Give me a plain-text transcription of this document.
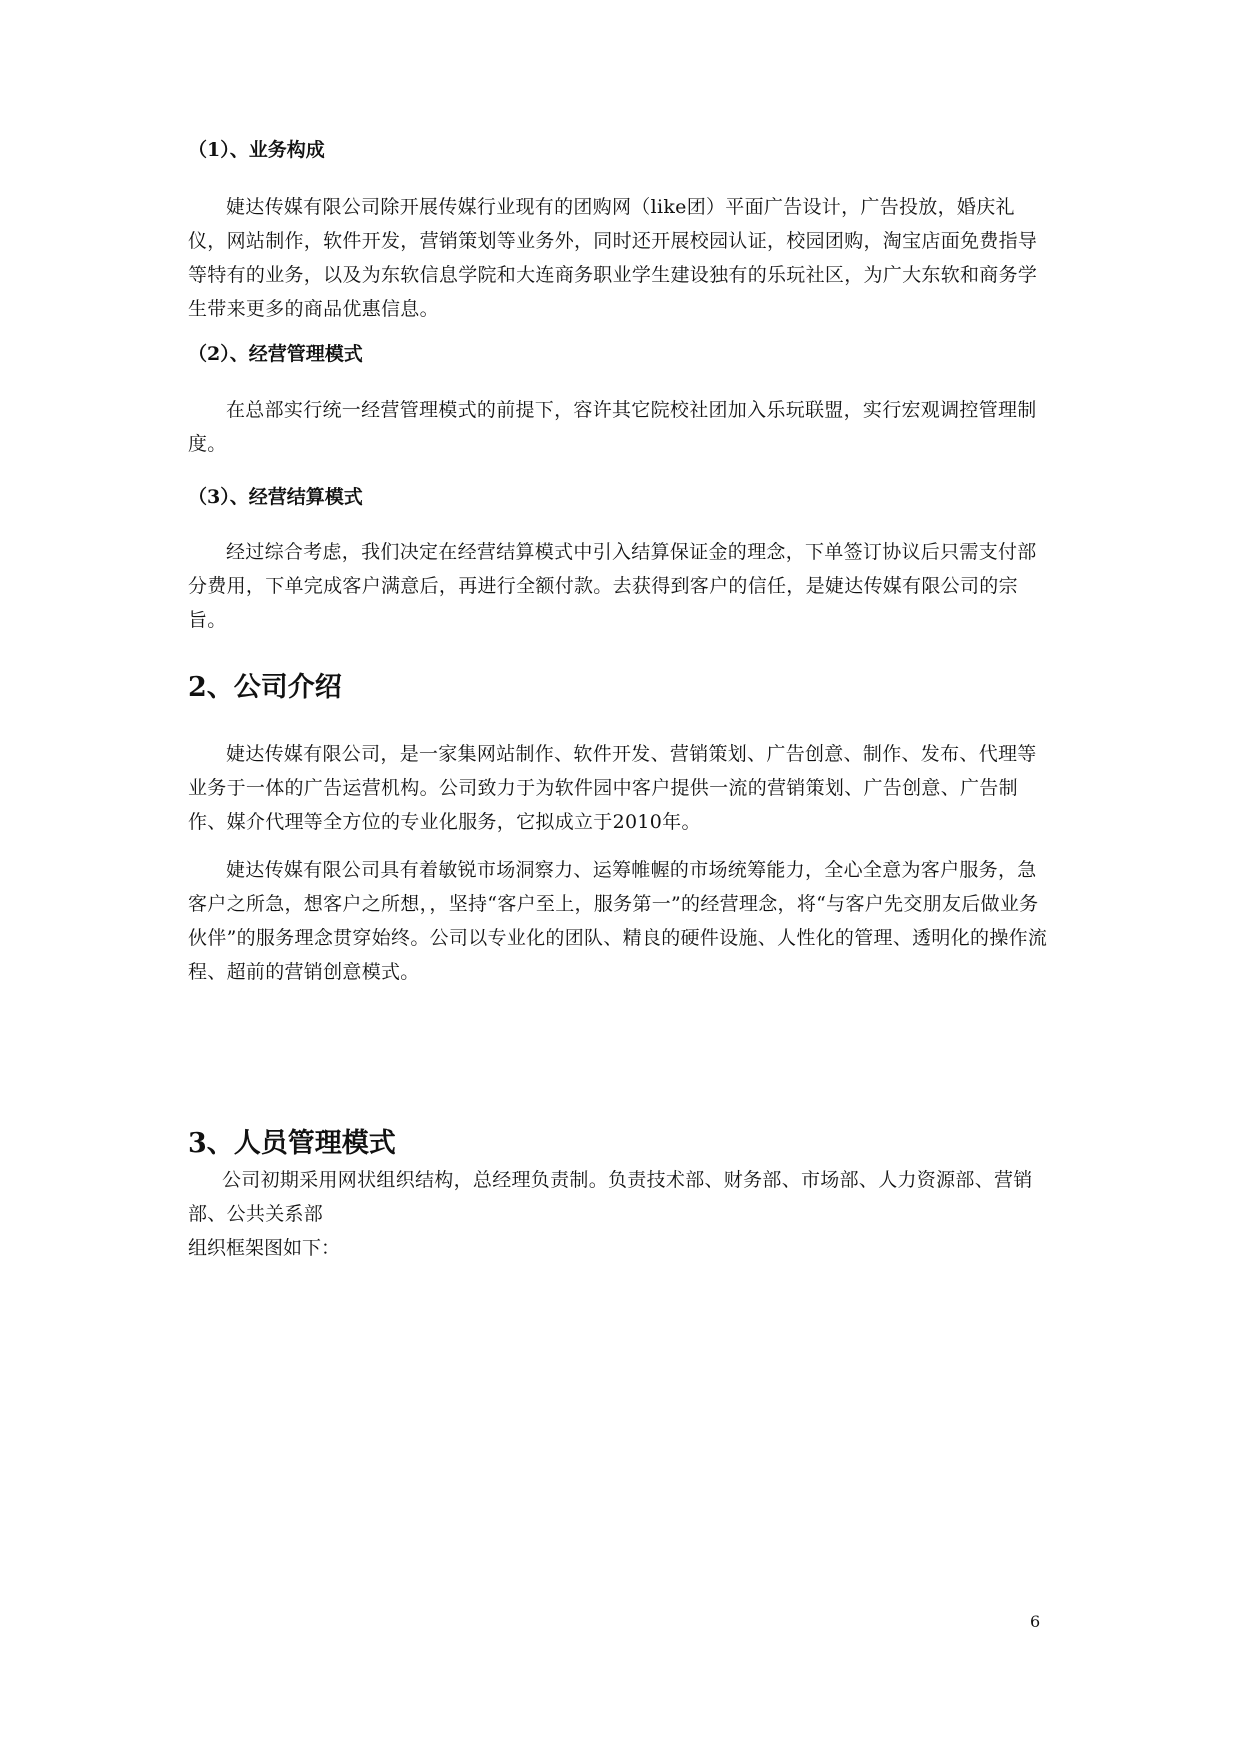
（1）、业务构成
婕达传媒有限公司除开展传媒行业现有的团购网（like团）平面广告设计，广告投放，婚庆礼仪，网站制作，软件开发，营销策划等业务外，同时还开展校园认证，校园团购，淘宝店面免费指导等特有的业务，以及为东软信息学院和大连商务职业学生建设独有的乐玩社区，为广大东软和商务学生带来更多的商品优惠信息。
（2）、经营管理模式
在总部实行统一经营管理模式的前提下，容许其它院校社团加入乐玩联盟，实行宏观调控管理制度。
（3）、经营结算模式
经过综合考虑，我们决定在经营结算模式中引入结算保证金的理念，下单签订协议后只需支付部分费用，下单完成客户满意后，再进行全额付款。去获得到客户的信任，是婕达传媒有限公司的宗旨。
2、公司介绍
婕达传媒有限公司，是一家集网站制作、软件开发、营销策划、广告创意、制作、发布、代理等业务于一体的广告运营机构。公司致力于为软件园中客户提供一流的营销策划、广告创意、广告制作、媒介代理等全方位的专业化服务，它拟成立于2010年。
婕达传媒有限公司具有着敏锐市场洞察力、运筹帷幄的市场统筹能力，全心全意为客户服务，急客户之所急，想客户之所想，，坚持“客户至上，服务第一”的经营理念，将“与客户先交朋友后做业务伙伴”的服务理念贯穿始终。公司以专业化的团队、精良的硬件设施、人性化的管理、透明化的操作流程、超前的营销创意模式。
3、人员管理模式
公司初期采用网状组织结构，总经理负责制。负责技术部、财务部、市场部、人力资源部、营销部、公共关系部
组织框架图如下：
6
